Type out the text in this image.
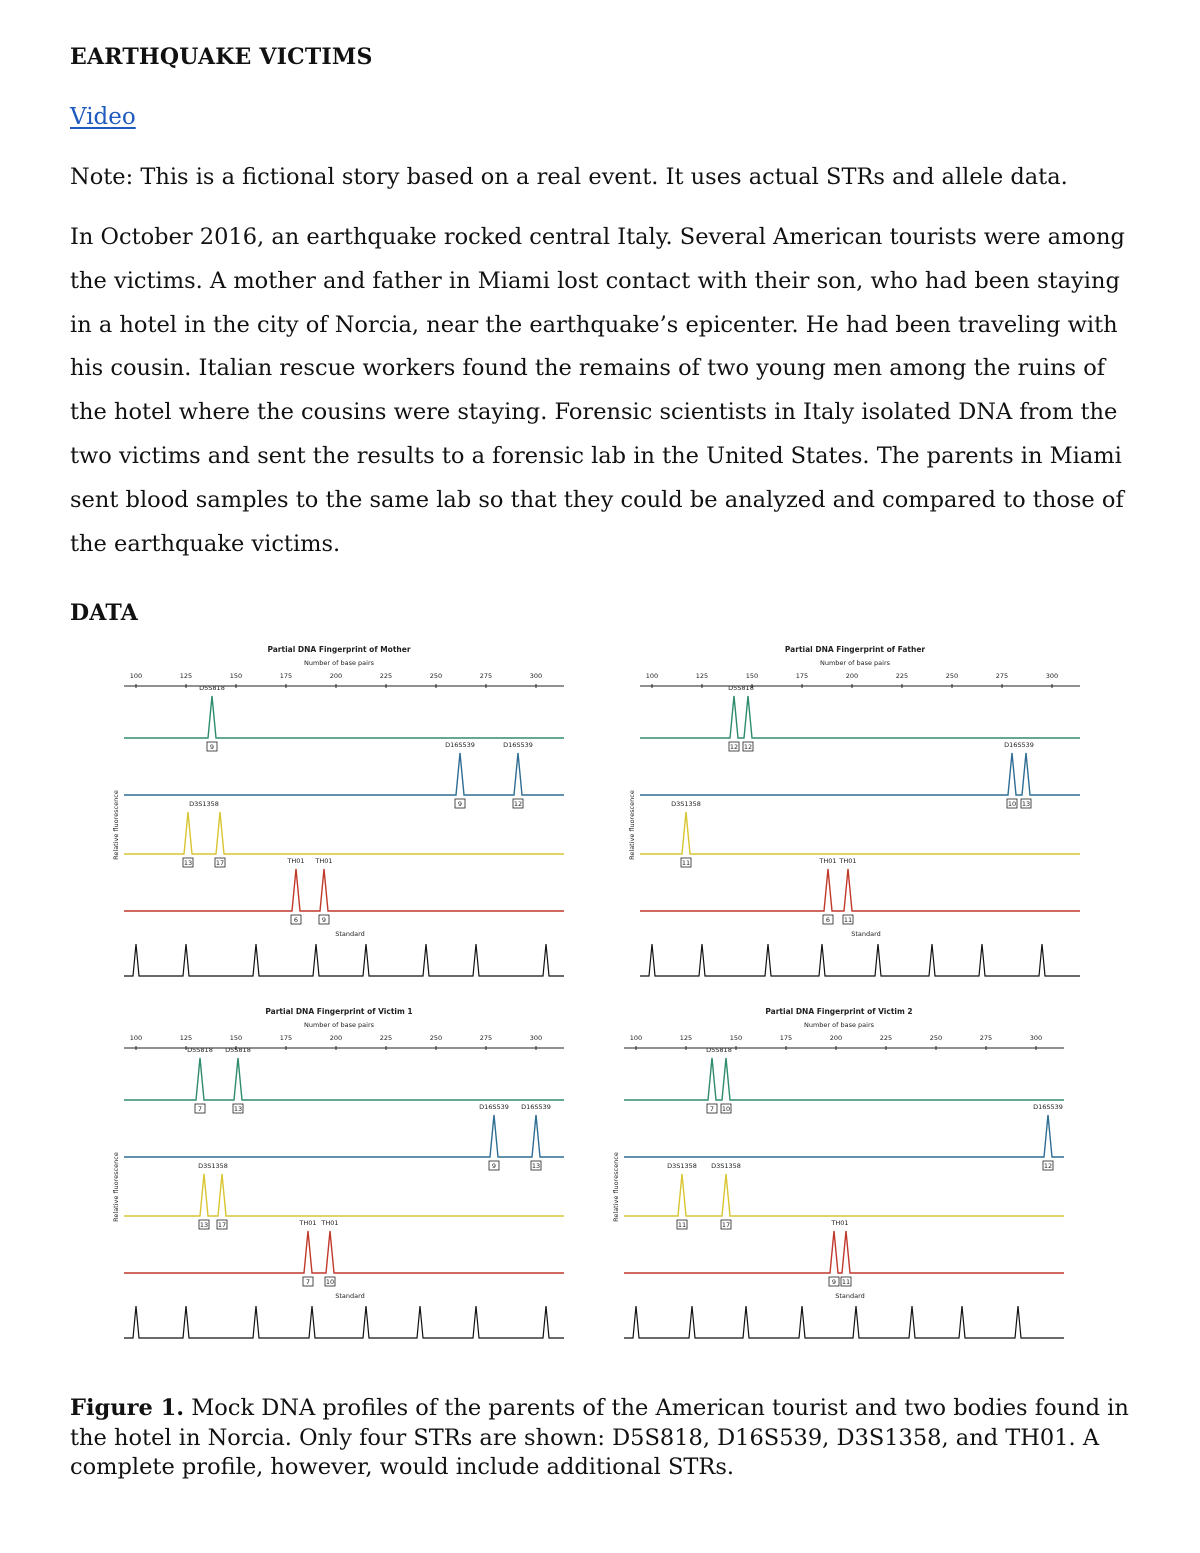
EARTHQUAKE VICTIMS
Video
Note: This is a fictional story based on a real event. It uses actual STRs and allele data.
In October 2016, an earthquake rocked central Italy. Several American tourists were among the victims. A mother and father in Miami lost contact with their son, who had been staying in a hotel in the city of Norcia, near the earthquake’s epicenter. He had been traveling with his cousin. Italian rescue workers found the remains of two young men among the ruins of the hotel where the cousins were staying. Forensic scientists in Italy isolated DNA from the two victims and sent the results to a forensic lab in the United States. The parents in Miami sent blood samples to the same lab so that they could be analyzed and compared to those of the earthquake victims.
DATA
Partial DNA Fingerprint of Mother
Number of base pairs
100	125	150	175	200	225	250	275	300
Relative fluorescence
D5S818
9	D16S539	D16S539
9	12
D3S1358
13	17	TH01 TH01
6	9
Standard
Partial DNA Fingerprint of Father
Number of base pairs
100	125	150	175	200	225	250	275	300
Relative fluorescence
D5S818
12 12	D16S539
10 13
D3S1358
11	TH01 TH01
6 11
Standard
Partial DNA Fingerprint of Victim 1
Number of base pairs
100	125	150	175	200	225	250	275	300
Relative fluorescence
D5S818 D5S818
7	13	D16S539 D16S539
9	13
D3S1358
13 17	TH01 TH01
7 10
Standard
Partial DNA Fingerprint of Victim 2
Number of base pairs
100	125	150	175	200	225	250	275	300
Relative fluorescence
D5S818
7 10	D16S539
12
D3S1358 D3S1358
11	17	TH01
9 11
Standard
Figure 1. Mock DNA profiles of the parents of the American tourist and two bodies found in the hotel in Norcia. Only four STRs are shown: D5S818, D16S539, D3S1358, and TH01. A complete profile, however, would include additional STRs.
